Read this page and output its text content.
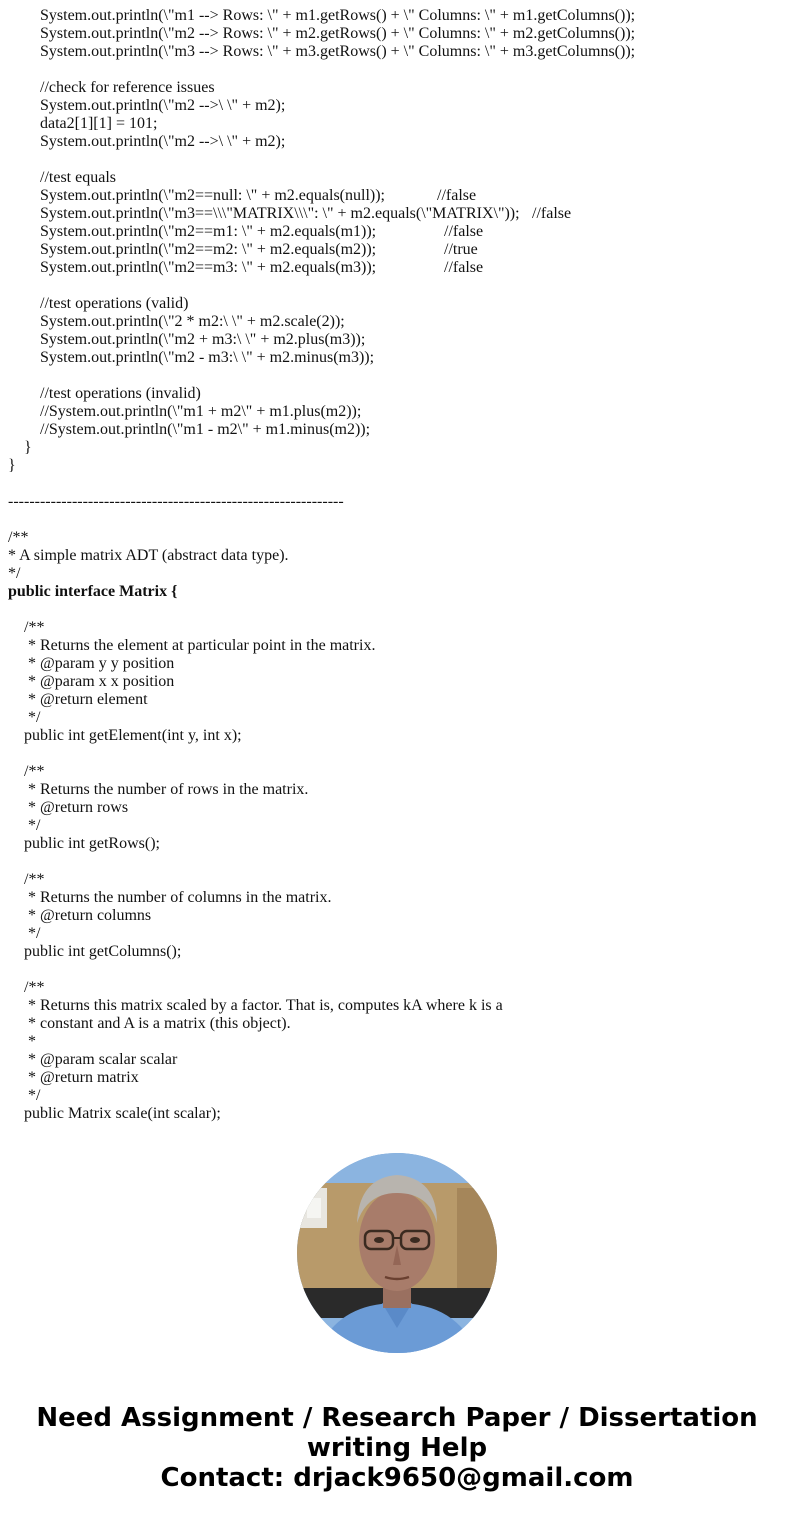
System.out.println(\"m1 --> Rows: \" + m1.getRows() + \" Columns: \" + m1.getColumns());
System.out.println(\"m2 --> Rows: \" + m2.getRows() + \" Columns: \" + m2.getColumns());
System.out.println(\"m3 --> Rows: \" + m3.getRows() + \" Columns: \" + m3.getColumns());
//check for reference issues
System.out.println(\"m2 -->\ \" + m2);
data2[1][1] = 101;
System.out.println(\"m2 -->\ \" + m2);
//test equals
System.out.println(\"m2==null: \" + m2.equals(null));	//false
System.out.println(\"m3==\\\"MATRIX\\\": \" + m2.equals(\"MATRIX\")); //false
System.out.println(\"m2==m1: \" + m2.equals(m1));	//false
System.out.println(\"m2==m2: \" + m2.equals(m2));	//true
System.out.println(\"m2==m3: \" + m2.equals(m3));	//false
//test operations (valid)
System.out.println(\"2 * m2:\ \" + m2.scale(2));
System.out.println(\"m2 + m3:\ \" + m2.plus(m3));
System.out.println(\"m2 - m3:\ \" + m2.minus(m3));
//test operations (invalid)
//System.out.println(\"m1 + m2\" + m1.plus(m2));
//System.out.println(\"m1 - m2\" + m1.minus(m2));
}
}
---------------------------------------------------------------
/**
* A simple matrix ADT (abstract data type).
*/
public interface Matrix {
/**
* Returns the element at particular point in the matrix.
* @param y y position
* @param x x position
* @return element
*/
public int getElement(int y, int x);
/**
* Returns the number of rows in the matrix.
* @return rows
*/
public int getRows();
/**
* Returns the number of columns in the matrix.
* @return columns
*/
public int getColumns();
/**
* Returns this matrix scaled by a factor. That is, computes kA where k is a
* constant and A is a matrix (this object).
*
* @param scalar scalar
* @return matrix
*/
public Matrix scale(int scalar);
Need Assignment / Research Paper / Dissertation
writing Help
Contact: drjack9650@gmail.com
